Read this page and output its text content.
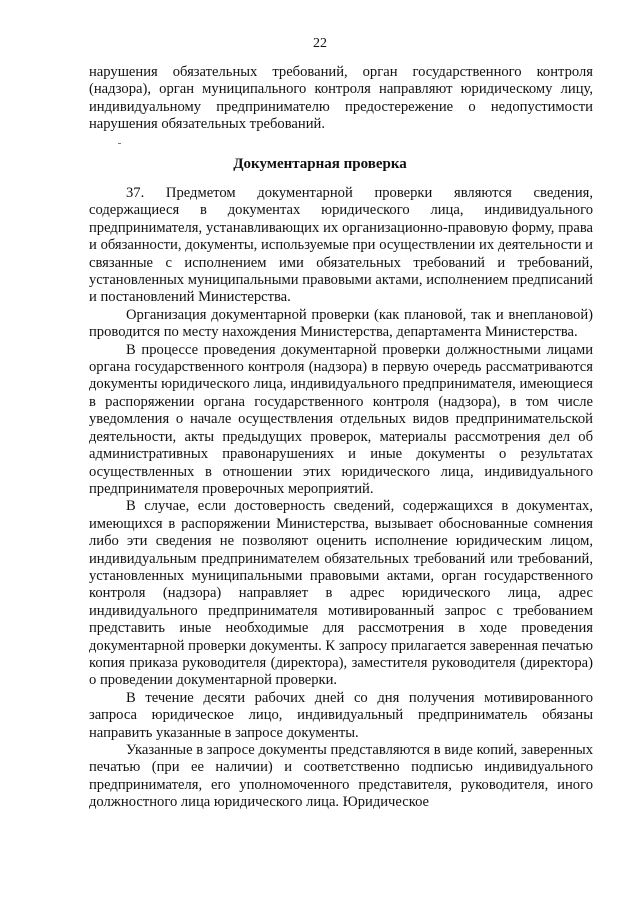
22

нарушения обязательных требований, орган государственного контроля (надзора), орган муниципального контроля направляют юридическому лицу, индивидуальному предпринимателю предостережение о недопустимости нарушения обязательных требований.

Документарная проверка

37. Предметом документарной проверки являются сведения, содержащиеся в документах юридического лица, индивидуального предпринимателя, устанавливающих их организационно-правовую форму, права и обязанности, документы, используемые при осуществлении их деятельности и связанные с исполнением ими обязательных требований и требований, установленных муниципальными правовыми актами, исполнением предписаний и постановлений Министерства.

Организация документарной проверки (как плановой, так и внеплановой) проводится по месту нахождения Министерства, департамента Министерства.

В процессе проведения документарной проверки должностными лицами органа государственного контроля (надзора) в первую очередь рассматриваются документы юридического лица, индивидуального предпринимателя, имеющиеся в распоряжении органа государственного контроля (надзора), в том числе уведомления о начале осуществления отдельных видов предпринимательской деятельности, акты предыдущих проверок, материалы рассмотрения дел об административных правонарушениях и иные документы о результатах осуществленных в отношении этих юридического лица, индивидуального предпринимателя проверочных мероприятий.

В случае, если достоверность сведений, содержащихся в документах, имеющихся в распоряжении Министерства, вызывает обоснованные сомнения либо эти сведения не позволяют оценить исполнение юридическим лицом, индивидуальным предпринимателем обязательных требований или требований, установленных муниципальными правовыми актами, орган государственного контроля (надзора) направляет в адрес юридического лица, адрес индивидуального предпринимателя мотивированный запрос с требованием представить иные необходимые для рассмотрения в ходе проведения документарной проверки документы. К запросу прилагается заверенная печатью копия приказа руководителя (директора), заместителя руководителя (директора) о проведении документарной проверки.

В течение десяти рабочих дней со дня получения мотивированного запроса юридическое лицо, индивидуальный предприниматель обязаны направить указанные в запросе документы.

Указанные в запросе документы представляются в виде копий, заверенных печатью (при ее наличии) и соответственно подписью индивидуального предпринимателя, его уполномоченного представителя, руководителя, иного должностного лица юридического лица. Юридическое
